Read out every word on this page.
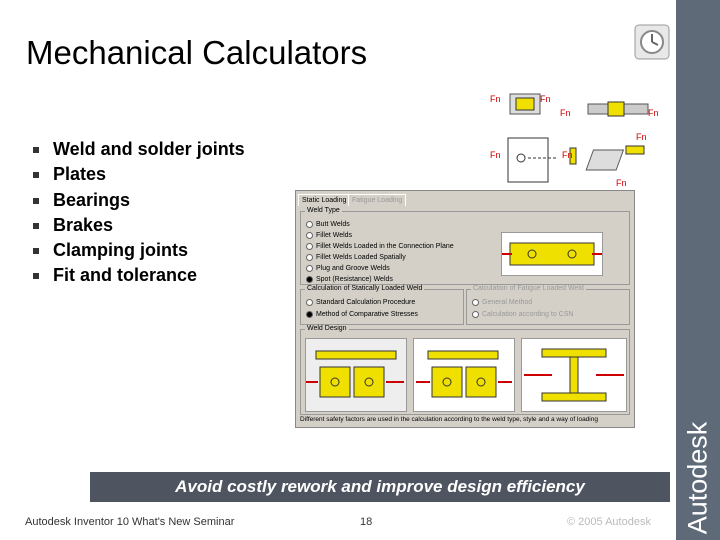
Mechanical Calculators
Weld and solder joints
Plates
Bearings
Brakes
Clamping joints
Fit and tolerance
Fn	Fn
Fn	Fn
Fn	Fn
Fn
Fn
Static Loading Fatigue Loading
Weld Type
Butt Welds
Fillet Welds
Fillet Welds Loaded in the Connection Plane
Fillet Welds Loaded Spatially
Plug and Groove Welds
Spot (Resistance) Welds
Calculation of Statically Loaded Weld
Standard Calculation Procedure
Method of Comparative Stresses
Calculation of Fatigue Loaded Weld
General Method
Calculation according to CSN
Weld Design
Different safety factors are used in the calculation according to the weld type, style and a way of loading
Autodesk
Avoid costly rework and improve design efficiency
Autodesk Inventor 10 What's New Seminar	18	© 2005 Autodesk
